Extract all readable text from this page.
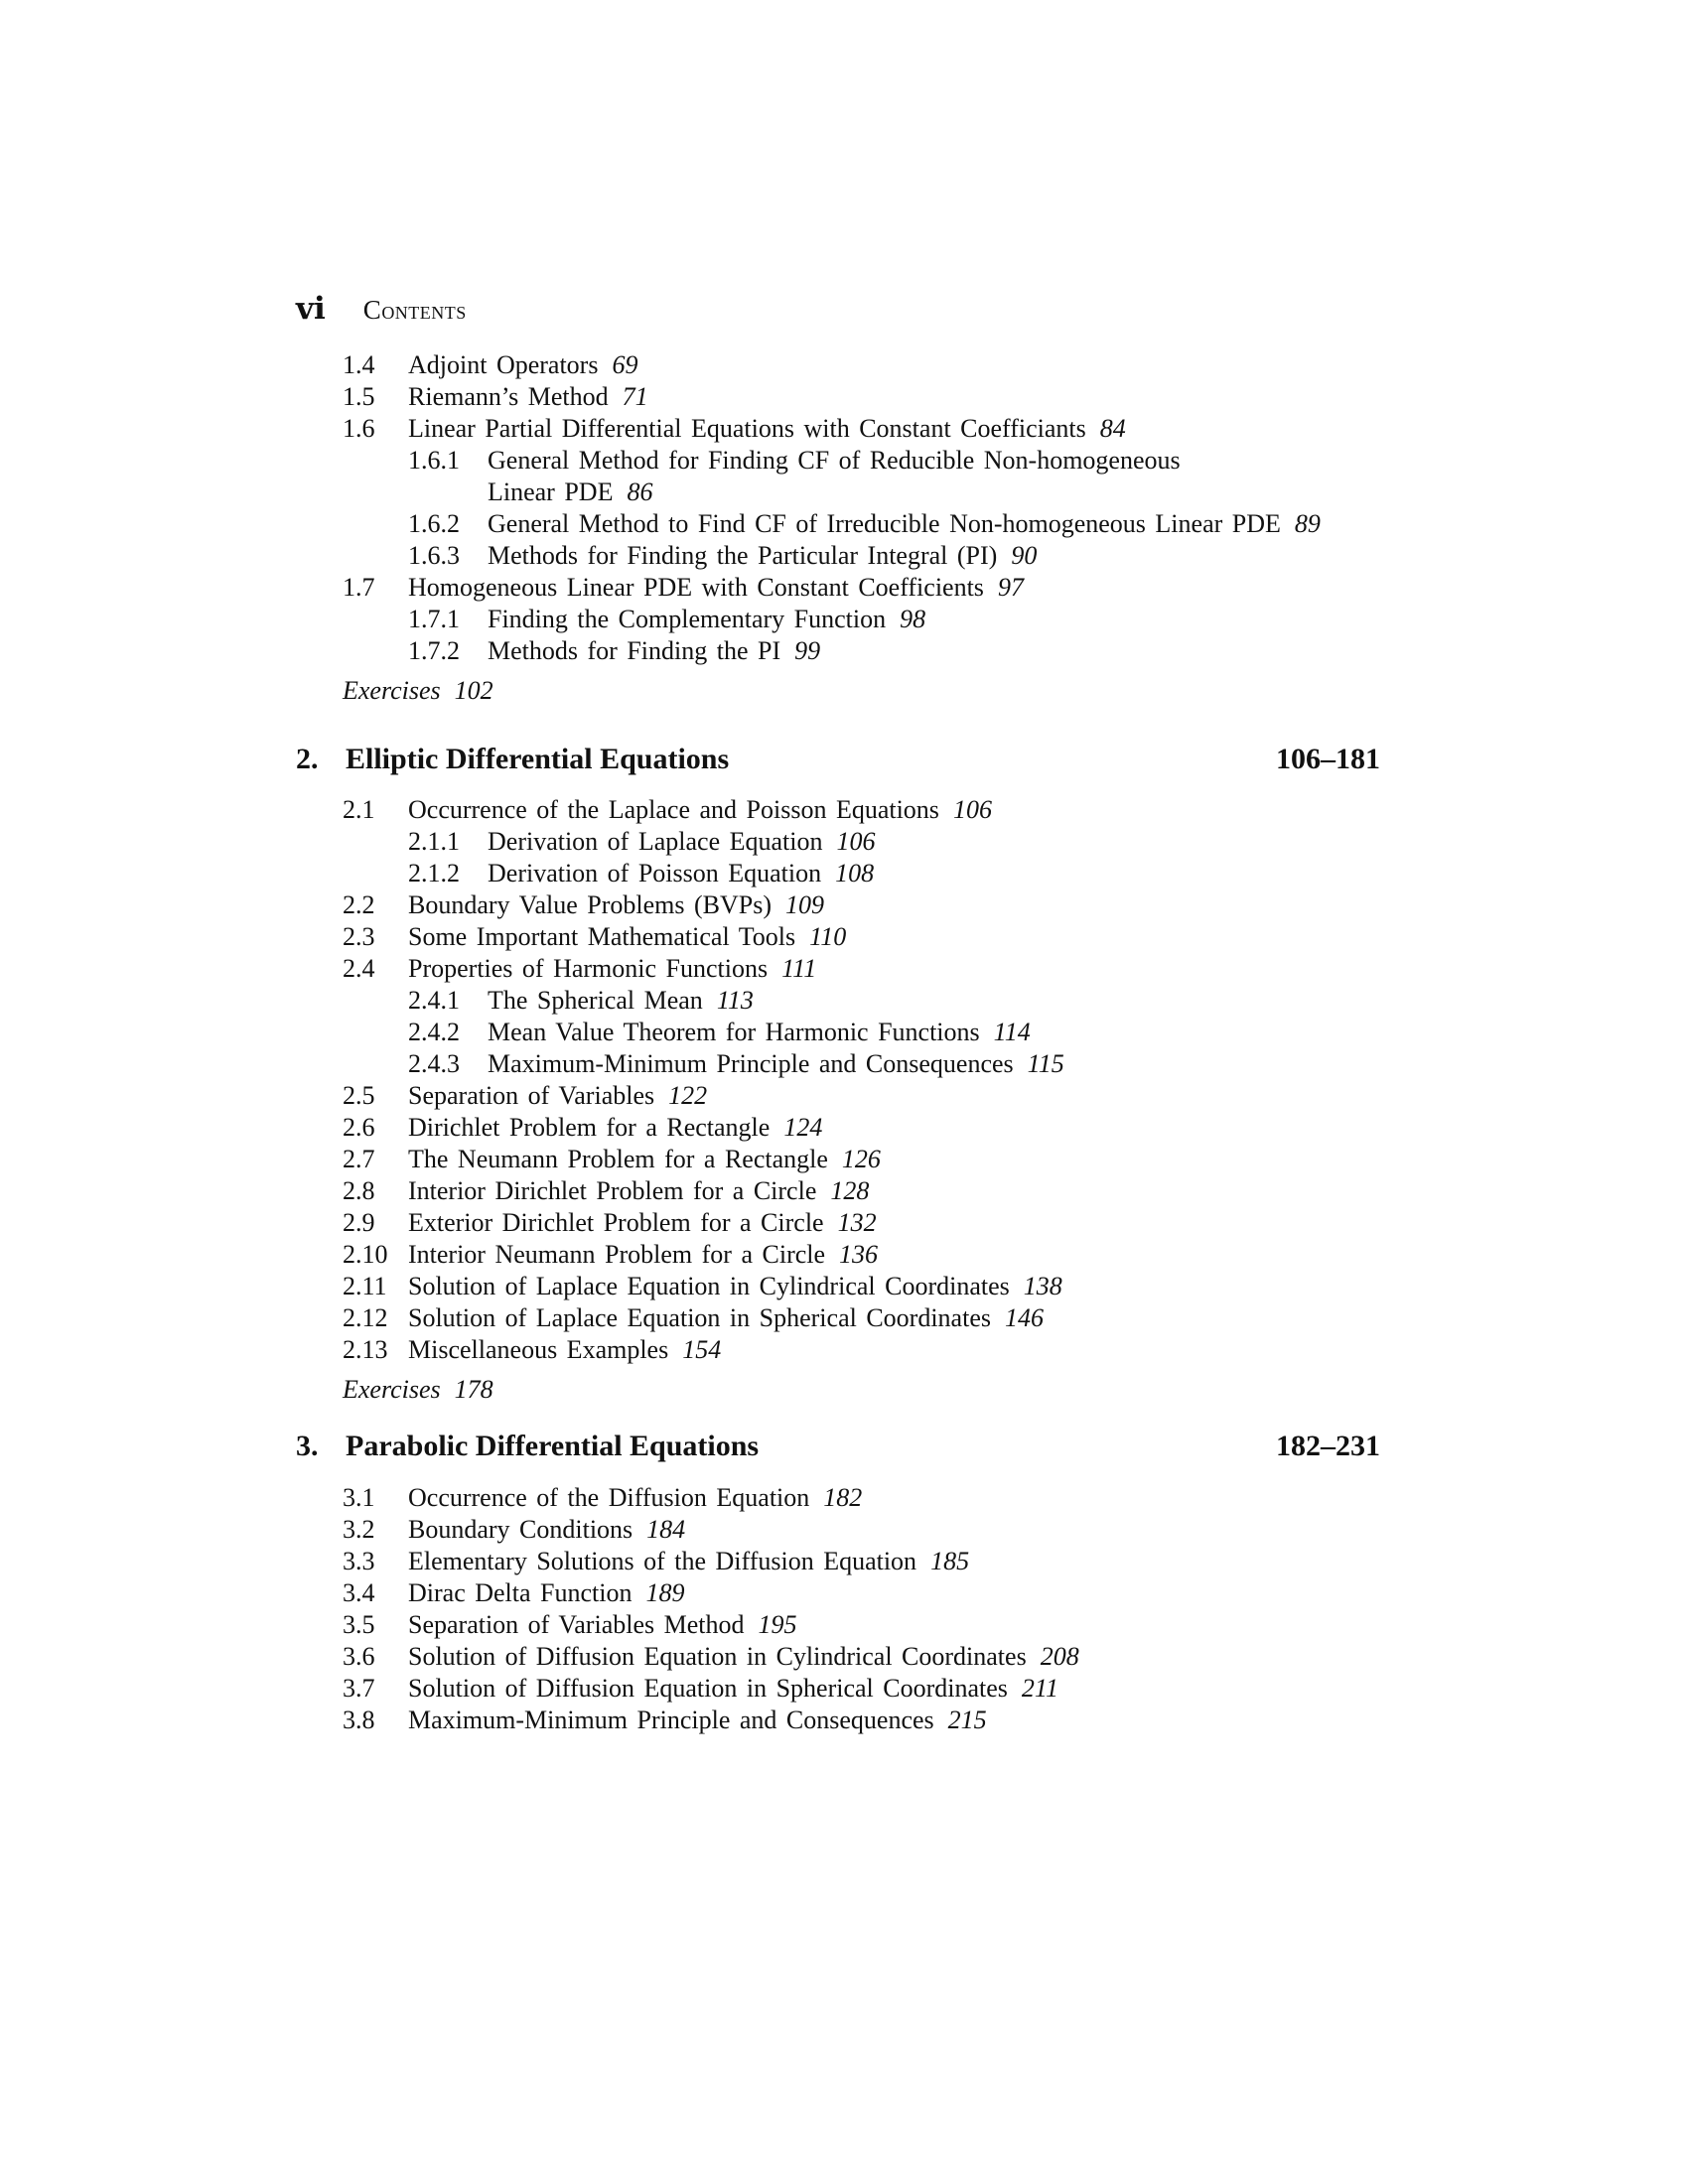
vi Contents
1.4 Adjoint Operators 69
1.5 Riemann’s Method 71
1.6 Linear Partial Differential Equations with Constant Coefficiants 84
1.6.1 General Method for Finding CF of Reducible Non-homogeneous
Linear PDE 86
1.6.2 General Method to Find CF of Irreducible Non-homogeneous Linear PDE 89
1.6.3 Methods for Finding the Particular Integral (PI) 90
1.7 Homogeneous Linear PDE with Constant Coefficients 97
1.7.1 Finding the Complementary Function 98
1.7.2 Methods for Finding the PI 99
Exercises 102
2. Elliptic Differential Equations	106–181
2.1 Occurrence of the Laplace and Poisson Equations 106
2.1.1 Derivation of Laplace Equation 106
2.1.2 Derivation of Poisson Equation 108
2.2 Boundary Value Problems (BVPs) 109
2.3 Some Important Mathematical Tools 110
2.4 Properties of Harmonic Functions 111
2.4.1 The Spherical Mean 113
2.4.2 Mean Value Theorem for Harmonic Functions 114
2.4.3 Maximum-Minimum Principle and Consequences 115
2.5 Separation of Variables 122
2.6 Dirichlet Problem for a Rectangle 124
2.7 The Neumann Problem for a Rectangle 126
2.8 Interior Dirichlet Problem for a Circle 128
2.9 Exterior Dirichlet Problem for a Circle 132
2.10 Interior Neumann Problem for a Circle 136
2.11 Solution of Laplace Equation in Cylindrical Coordinates 138
2.12 Solution of Laplace Equation in Spherical Coordinates 146
2.13 Miscellaneous Examples 154
Exercises 178
3. Parabolic Differential Equations	182–231
3.1 Occurrence of the Diffusion Equation 182
3.2 Boundary Conditions 184
3.3 Elementary Solutions of the Diffusion Equation 185
3.4 Dirac Delta Function 189
3.5 Separation of Variables Method 195
3.6 Solution of Diffusion Equation in Cylindrical Coordinates 208
3.7 Solution of Diffusion Equation in Spherical Coordinates 211
3.8 Maximum-Minimum Principle and Consequences 215
